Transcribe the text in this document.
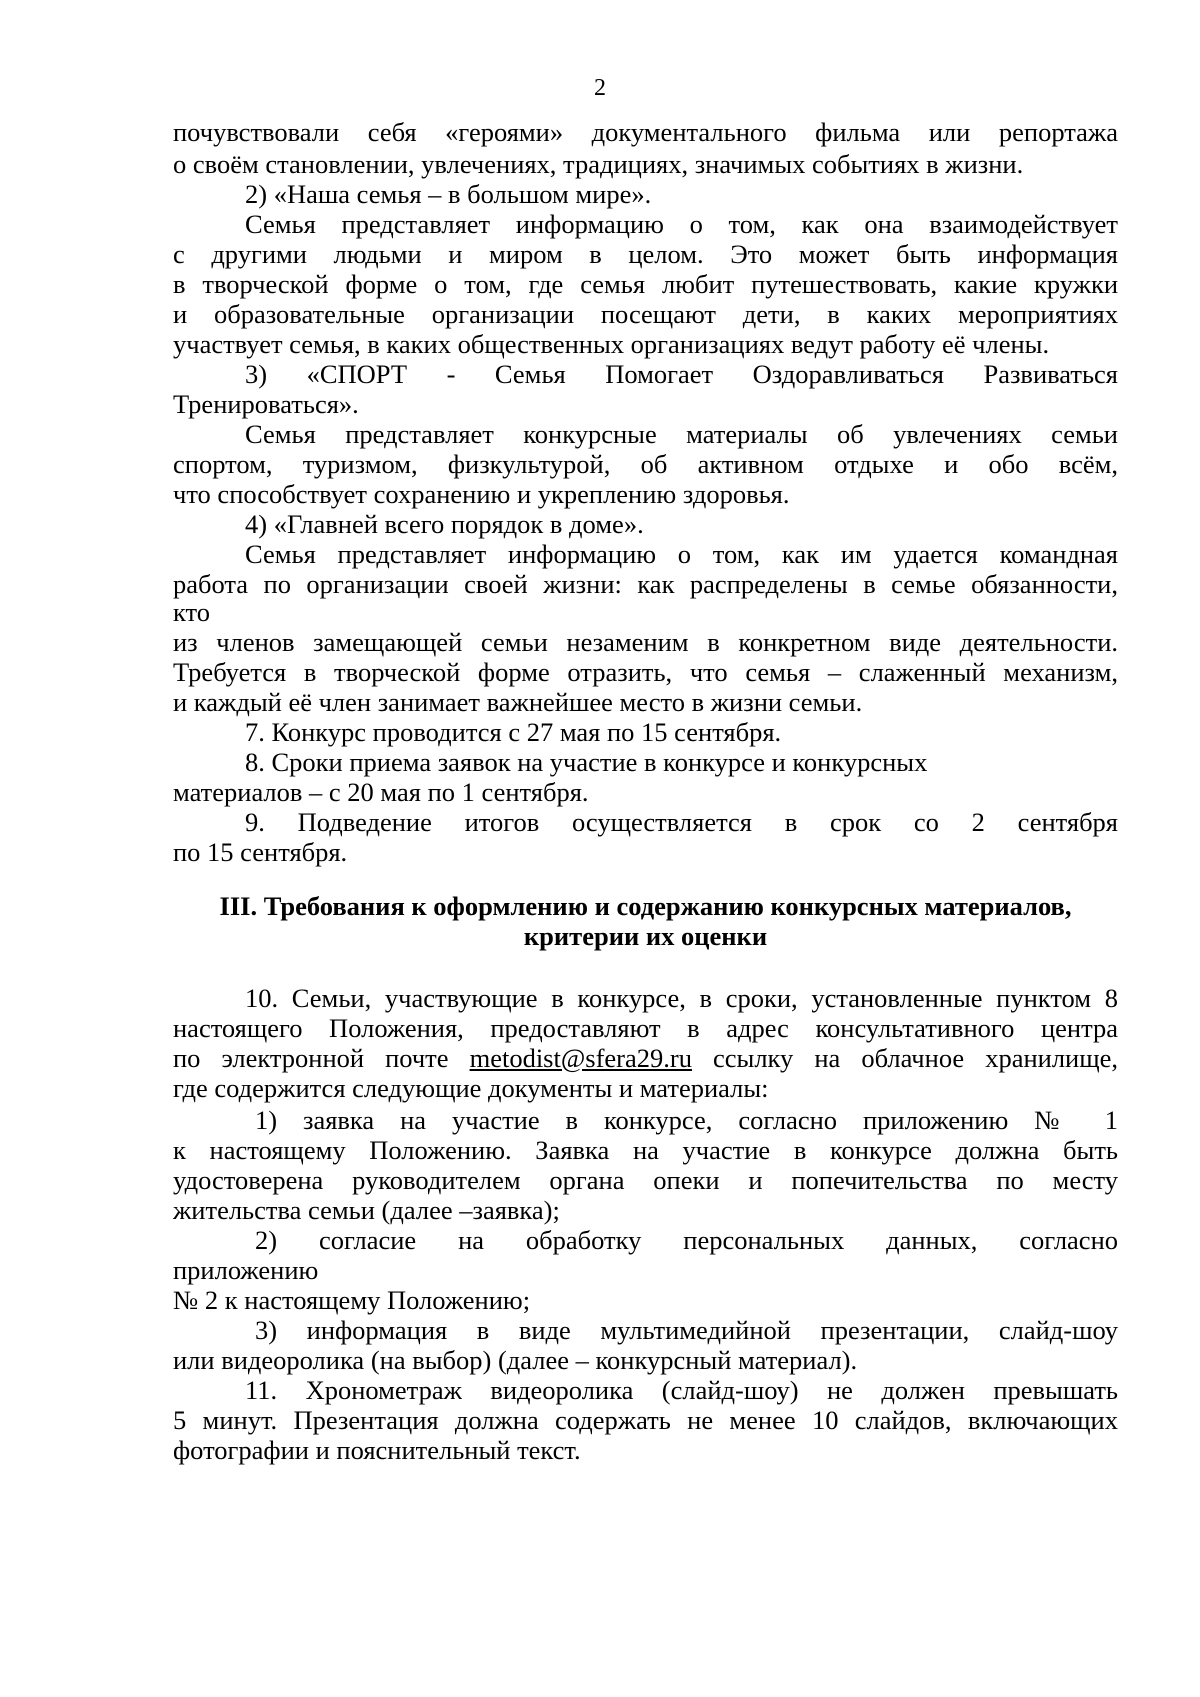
2
почувствовали себя «героями» документального фильма или репортажа
о своём становлении, увлечениях, традициях, значимых событиях в жизни.
2) «Наша семья – в большом мире».
Семья представляет информацию о том, как она взаимодействует
с другими людьми и миром в целом. Это может быть информация
в творческой форме о том, где семья любит путешествовать, какие кружки
и образовательные организации посещают дети, в каких мероприятиях
участвует семья, в каких общественных организациях ведут работу её члены.
3) «СПОРТ - Семья Помогает Оздоравливаться Развиваться
Тренироваться».
Семья представляет конкурсные материалы об увлечениях семьи
спортом, туризмом, физкультурой, об активном отдыхе и обо всём,
что способствует сохранению и укреплению здоровья.
4) «Главней всего порядок в доме».
Семья представляет информацию о том, как им удается командная
работа по организации своей жизни: как распределены в семье обязанности,
кто
из членов замещающей семьи незаменим в конкретном виде деятельности.
Требуется в творческой форме отразить, что семья – слаженный механизм,
и каждый её член занимает важнейшее место в жизни семьи.
7. Конкурс проводится с 27 мая по 15 сентября.
8. Сроки приема заявок на участие в конкурсе и конкурсных
материалов – с 20 мая по 1 сентября.
9. Подведение итогов осуществляется в срок со 2 сентября
по 15 сентября.
III. Требования к оформлению и содержанию конкурсных материалов,
критерии их оценки
10. Семьи, участвующие в конкурсе, в сроки, установленные пунктом 8
настоящего Положения, предоставляют в адрес консультативного центра
по электронной почте metodist@sfera29.ru ссылку на облачное хранилище,
где содержится следующие документы и материалы:
1) заявка на участие в конкурсе, согласно приложению № 1
к настоящему Положению. Заявка на участие в конкурсе должна быть
удостоверена руководителем органа опеки и попечительства по месту
жительства семьи (далее –заявка);
2) согласие на обработку персональных данных, согласно
приложению
№ 2 к настоящему Положению;
3) информация в виде мультимедийной презентации, слайд-шоу
или видеоролика (на выбор) (далее – конкурсный материал).
11. Хронометраж видеоролика (слайд-шоу) не должен превышать
5 минут. Презентация должна содержать не менее 10 слайдов, включающих
фотографии и пояснительный текст.
